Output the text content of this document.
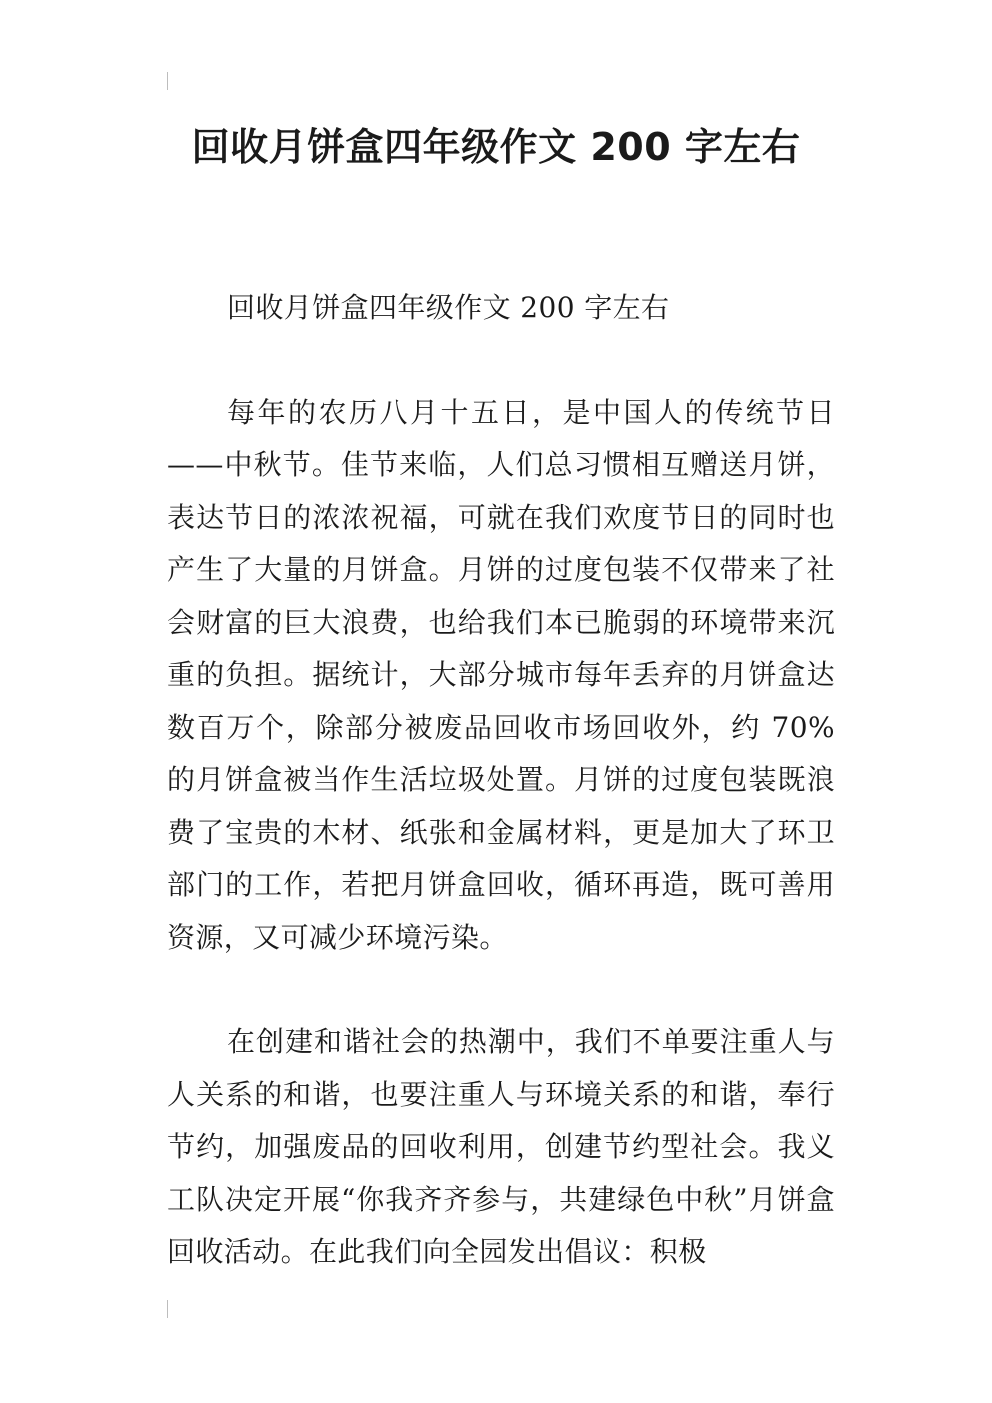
回收月饼盒四年级作文 200 字左右

回收月饼盒四年级作文 200 字左右

每年的农历八月十五日，是中国人的传统节日——中秋节。佳节来临，人们总习惯相互赠送月饼，表达节日的浓浓祝福，可就在我们欢度节日的同时也产生了大量的月饼盒。月饼的过度包装不仅带来了社会财富的巨大浪费，也给我们本已脆弱的环境带来沉重的负担。据统计，大部分城市每年丢弃的月饼盒达数百万个，除部分被废品回收市场回收外，约 70%的月饼盒被当作生活垃圾处置。月饼的过度包装既浪费了宝贵的木材、纸张和金属材料，更是加大了环卫部门的工作，若把月饼盒回收，循环再造，既可善用资源，又可减少环境污染。

在创建和谐社会的热潮中，我们不单要注重人与人关系的和谐，也要注重人与环境关系的和谐，奉行节约，加强废品的回收利用，创建节约型社会。我义工队决定开展“你我齐齐参与，共建绿色中秋”月饼盒回收活动。在此我们向全园发出倡议：积极
